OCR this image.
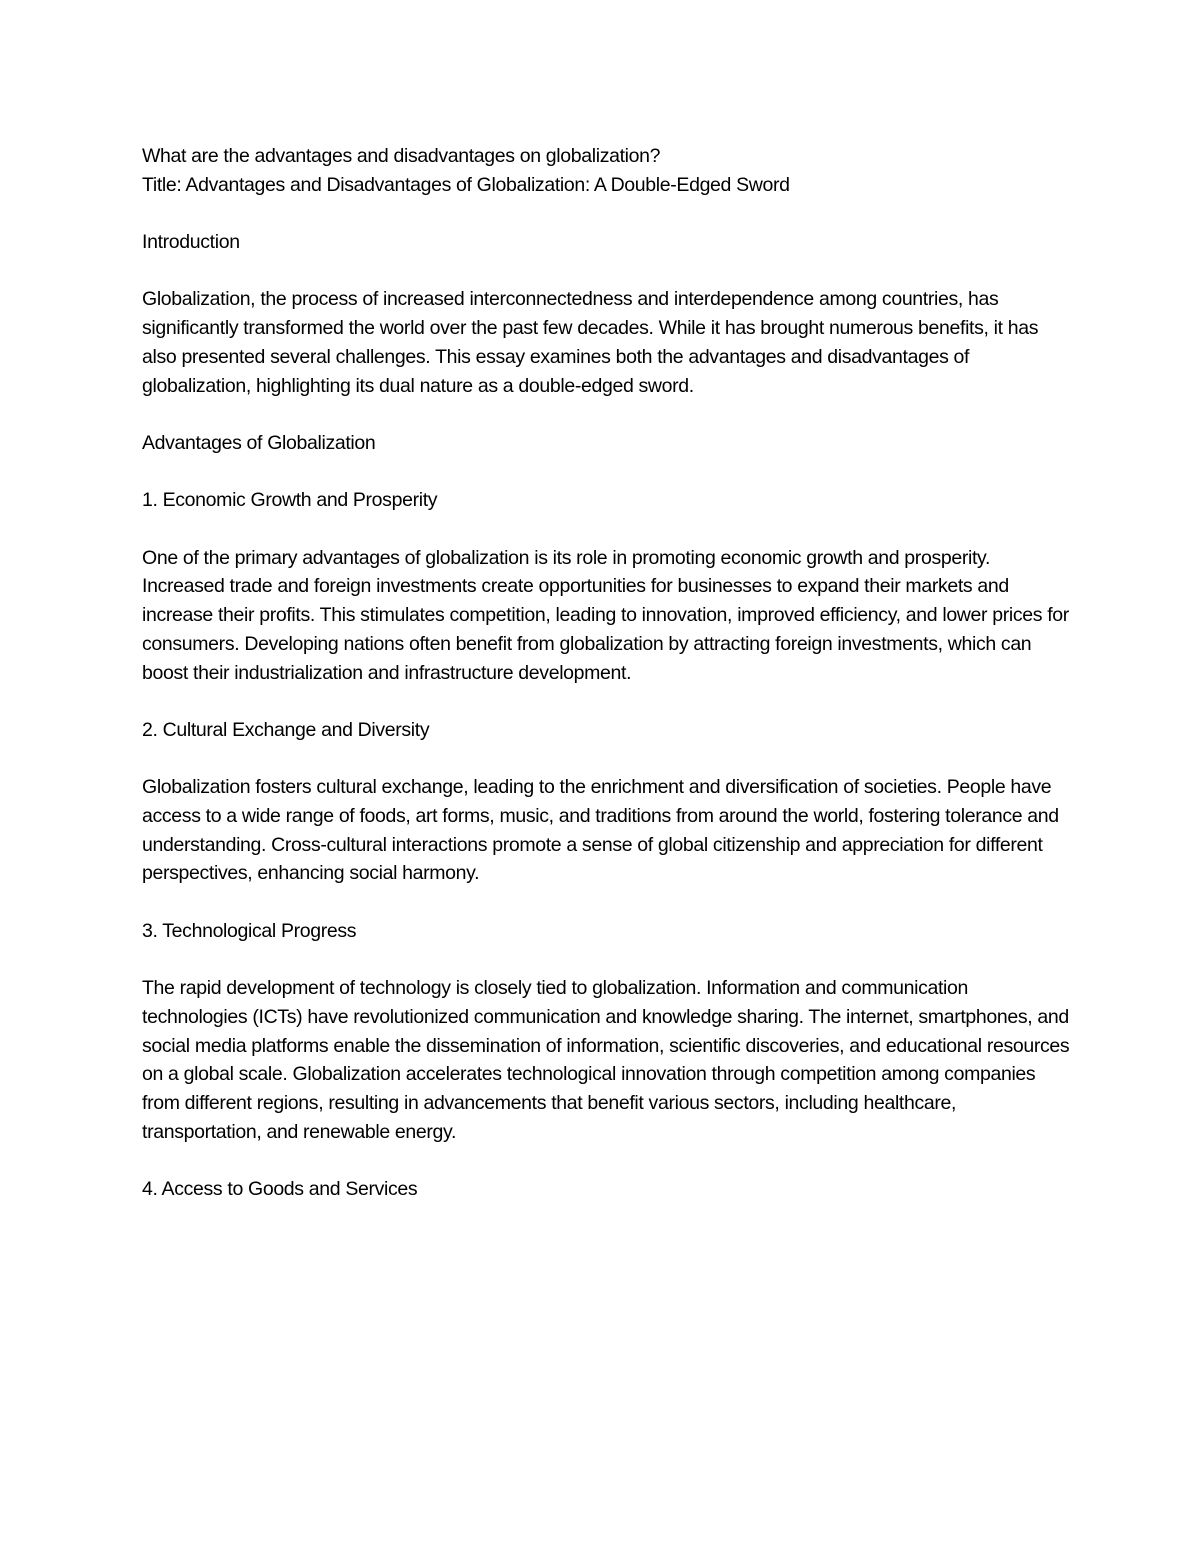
What are the advantages and disadvantages on globalization?

Title: Advantages and Disadvantages of Globalization: A Double-Edged Sword

Introduction

Globalization, the process of increased interconnectedness and interdependence among countries, has significantly transformed the world over the past few decades. While it has brought numerous benefits, it has also presented several challenges. This essay examines both the advantages and disadvantages of globalization, highlighting its dual nature as a double-edged sword.

Advantages of Globalization

1. Economic Growth and Prosperity

One of the primary advantages of globalization is its role in promoting economic growth and prosperity. Increased trade and foreign investments create opportunities for businesses to expand their markets and increase their profits. This stimulates competition, leading to innovation, improved efficiency, and lower prices for consumers. Developing nations often benefit from globalization by attracting foreign investments, which can boost their industrialization and infrastructure development.

2. Cultural Exchange and Diversity

Globalization fosters cultural exchange, leading to the enrichment and diversification of societies. People have access to a wide range of foods, art forms, music, and traditions from around the world, fostering tolerance and understanding. Cross-cultural interactions promote a sense of global citizenship and appreciation for different perspectives, enhancing social harmony.

3. Technological Progress

The rapid development of technology is closely tied to globalization. Information and communication technologies (ICTs) have revolutionized communication and knowledge sharing. The internet, smartphones, and social media platforms enable the dissemination of information, scientific discoveries, and educational resources on a global scale. Globalization accelerates technological innovation through competition among companies from different regions, resulting in advancements that benefit various sectors, including healthcare, transportation, and renewable energy.

4. Access to Goods and Services
